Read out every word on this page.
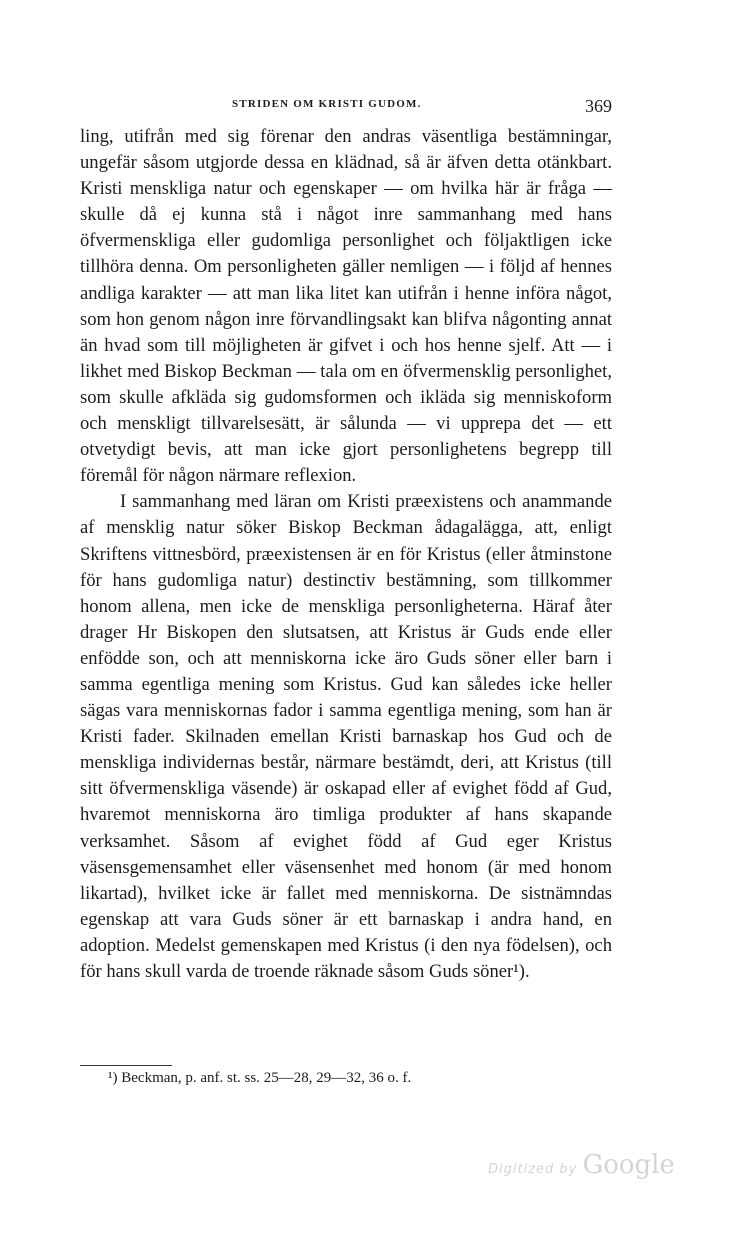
STRIDEN OM KRISTI GUDOM.	369

ling, utifrån med sig förenar den andras väsentliga bestämningar, ungefär såsom utgjorde dessa en klädnad, så är äfven detta otänkbart. Kristi menskliga natur och egenskaper — om hvilka här är fråga — skulle då ej kunna stå i något inre sammanhang med hans öfvermenskliga eller gudomliga personlighet och följaktligen icke tillhöra denna. Om personligheten gäller nemligen — i följd af hennes andliga karakter — att man lika litet kan utifrån i henne införa något, som hon genom någon inre förvandlingsakt kan blifva någonting annat än hvad som till möjligheten är gifvet i och hos henne sjelf. Att — i likhet med Biskop Beckman — tala om en öfvermensklig personlighet, som skulle afkläda sig gudomsformen och ikläda sig menniskoform och menskligt tillvarelsesätt, är sålunda — vi upprepa det — ett otvetydigt bevis, att man icke gjort personlighetens begrepp till föremål för någon närmare reflexion.

I sammanhang med läran om Kristi præexistens och anammande af mensklig natur söker Biskop Beckman ådagalägga, att, enligt Skriftens vittnesbörd, præexistensen är en för Kristus (eller åtminstone för hans gudomliga natur) destinctiv bestämning, som tillkommer honom allena, men icke de menskliga personligheterna. Häraf åter drager Hr Biskopen den slutsatsen, att Kristus är Guds ende eller enfödde son, och att menniskorna icke äro Guds söner eller barn i samma egentliga mening som Kristus. Gud kan således icke heller sägas vara menniskornas fador i samma egentliga mening, som han är Kristi fader. Skilnaden emellan Kristi barnaskap hos Gud och de menskliga individernas består, närmare bestämdt, deri, att Kristus (till sitt öfvermenskliga väsende) är oskapad eller af evighet född af Gud, hvaremot menniskorna äro timliga produkter af hans skapande verksamhet. Såsom af evighet född af Gud eger Kristus väsensgemensamhet eller väsensenhet med honom (är med honom likartad), hvilket icke är fallet med menniskorna. De sistnämndas egenskap att vara Guds söner är ett barnaskap i andra hand, en adoption. Medelst gemenskapen med Kristus (i den nya födelsen), och för hans skull varda de troende räknade såsom Guds söner¹).

¹) Beckman, p. anf. st. ss. 25—28, 29—32, 36 o. f.
Digitized by Google
